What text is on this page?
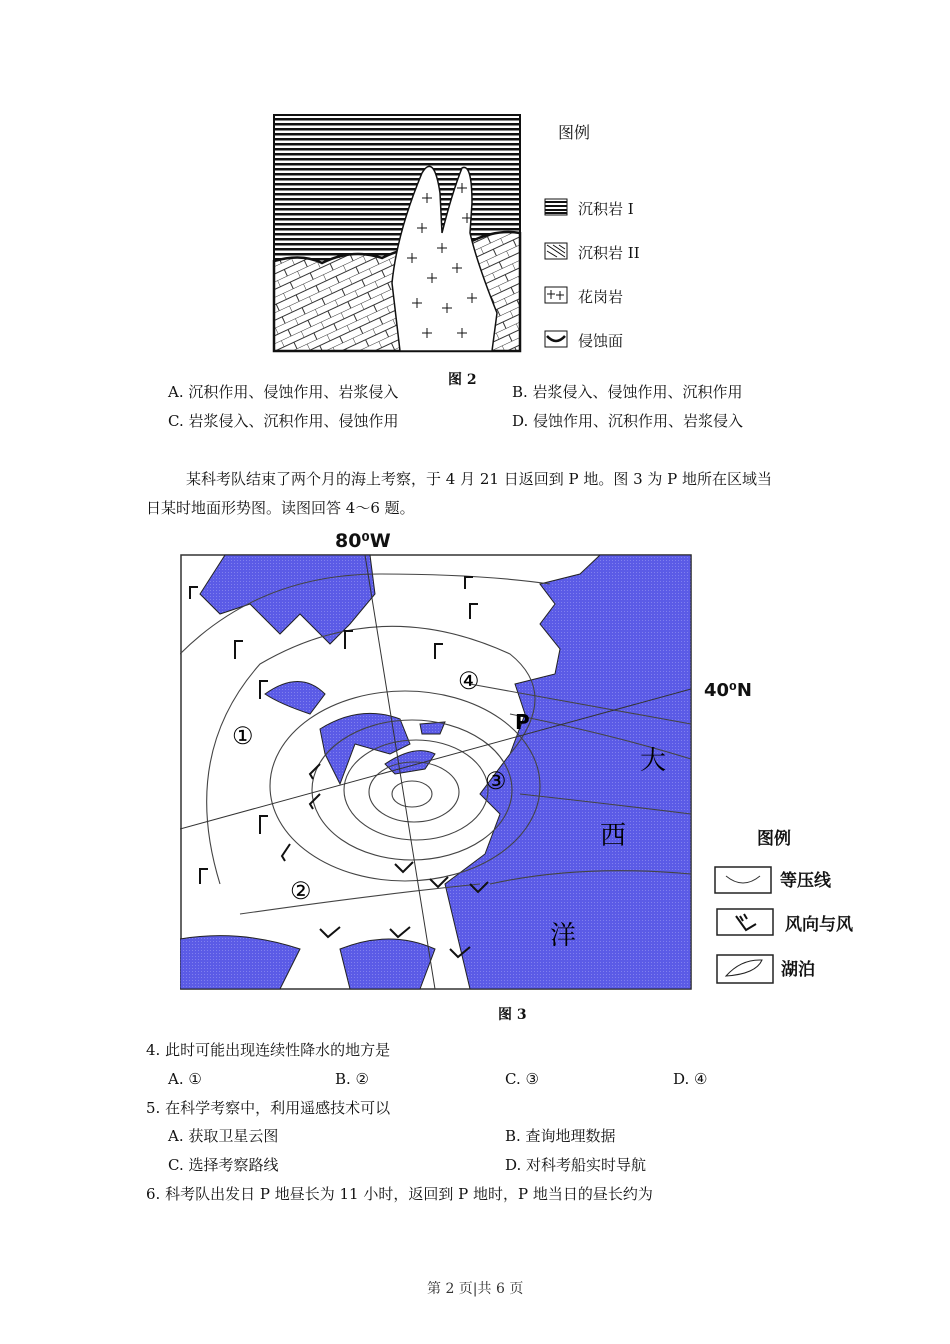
图 2
图例
沉积岩 I
沉积岩 II
花岗岩
侵蚀面
A. 沉积作用、侵蚀作用、岩浆侵入	B. 岩浆侵入、侵蚀作用、沉积作用
C. 岩浆侵入、沉积作用、侵蚀作用	D. 侵蚀作用、沉积作用、岩浆侵入
某科考队结束了两个月的海上考察，于 4 月 21 日返回到 P 地。图 3 为 P 地所在区域当
日某时地面形势图。读图回答 4～6 题。
80⁰W
P
①
②
③
④
大
西
洋
40⁰N
图 3
图例
等压线
风向与风
湖泊
4. 此时可能出现连续性降水的地方是
A. ①	B. ②	C. ③	D. ④
5. 在科学考察中，利用遥感技术可以
A. 获取卫星云图	B. 查询地理数据
C. 选择考察路线	D. 对科考船实时导航
6. 科考队出发日 P 地昼长为 11 小时，返回到 P 地时，P 地当日的昼长约为
第 2 页|共 6 页
